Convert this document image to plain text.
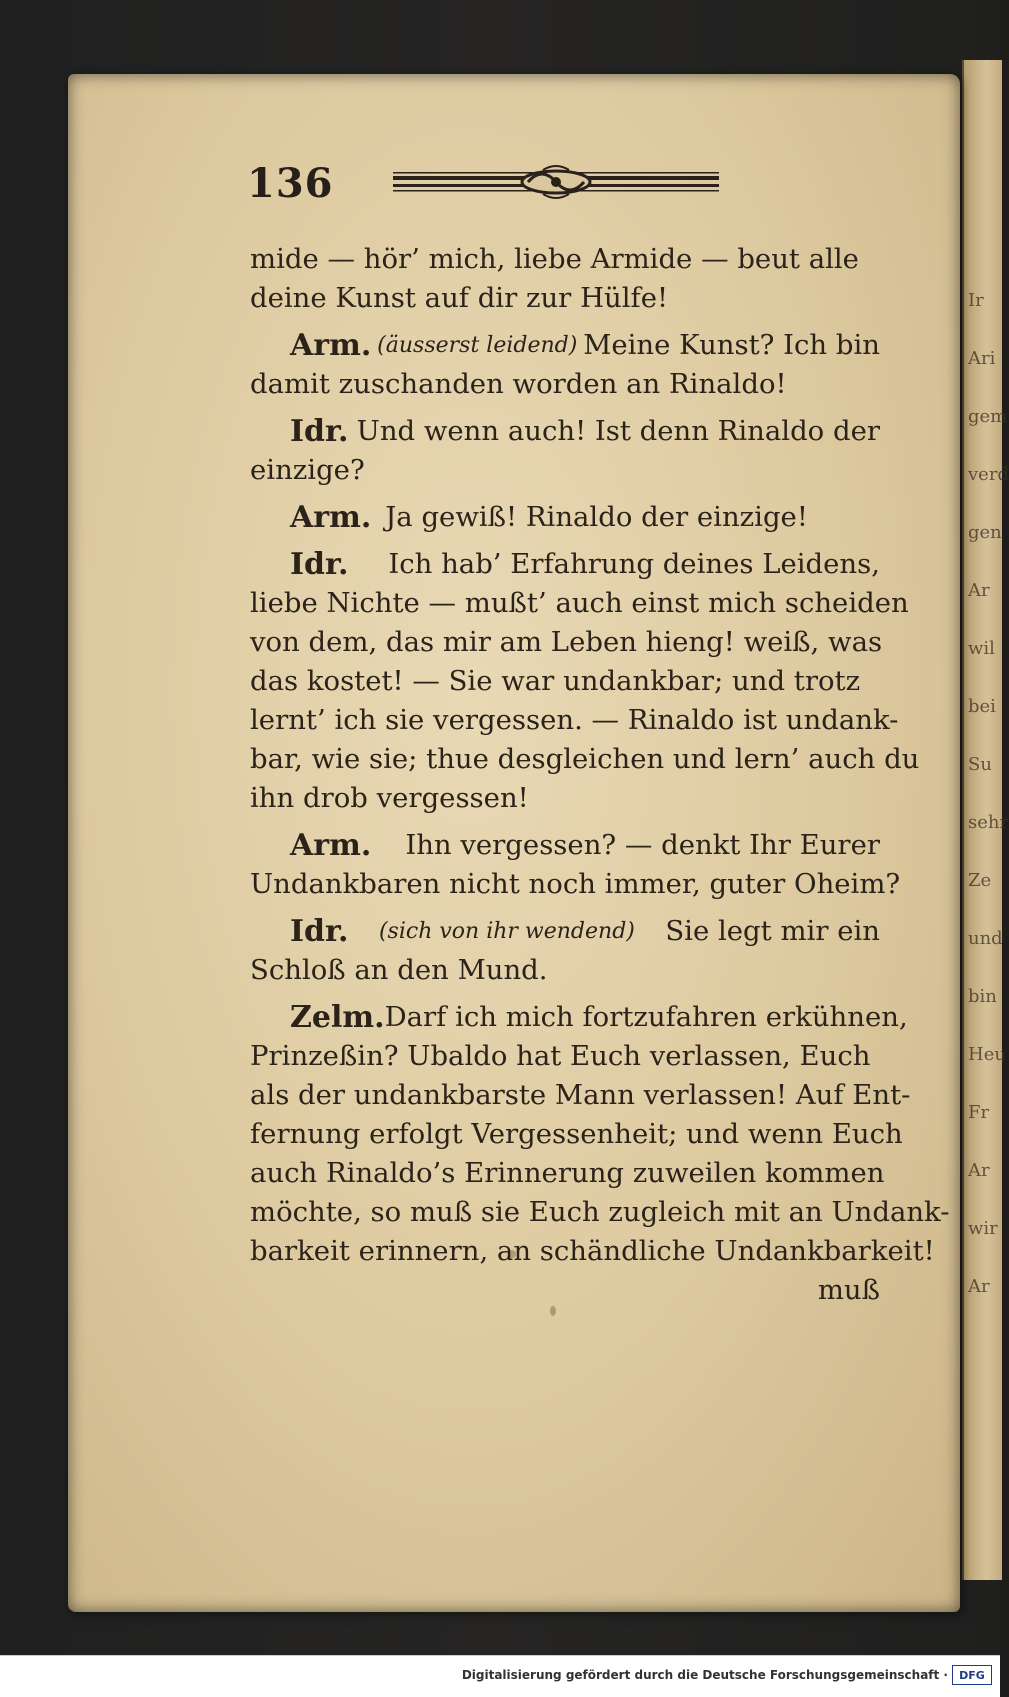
Ir
Ari
gem
verd
gen
Ar
wil
bei
Su
sehr
Ze
und
bin
Heu
Fr
Ar
wir
Ar
136
mide — hör’ mich, liebe Armide — beut alle
deine Kunst auf dir zur Hülfe!
Arm. (äusserst leidend) Meine Kunst? Ich bin
damit zuschanden worden an Rinaldo!
Idr. Und wenn auch! Ist denn Rinaldo der
einzige?
Arm. Ja gewiß! Rinaldo der einzige!
Idr. Ich hab’ Erfahrung deines Leidens,
liebe Nichte — mußt’ auch einst mich scheiden
von dem, das mir am Leben hieng! weiß, was
das kostet! — Sie war undankbar; und trotz
lernt’ ich sie vergessen. — Rinaldo ist undank-
bar, wie sie; thue desgleichen und lern’ auch du
ihn drob vergessen!
Arm. Ihn vergessen? — denkt Ihr Eurer
Undankbaren nicht noch immer, guter Oheim?
Idr. (sich von ihr wendend) Sie legt mir ein
Schloß an den Mund.
Zelm. Darf ich mich fortzufahren erkühnen,
Prinzeßin? Ubaldo hat Euch verlassen, Euch
als der undankbarste Mann verlassen! Auf Ent-
fernung erfolgt Vergessenheit; und wenn Euch
auch Rinaldo’s Erinnerung zuweilen kommen
möchte, so muß sie Euch zugleich mit an Undank-
barkeit erinnern, an schändliche Undankbarkeit!
muß
Digitalisierung gefördert durch die Deutsche Forschungsgemeinschaft ·	DFG
